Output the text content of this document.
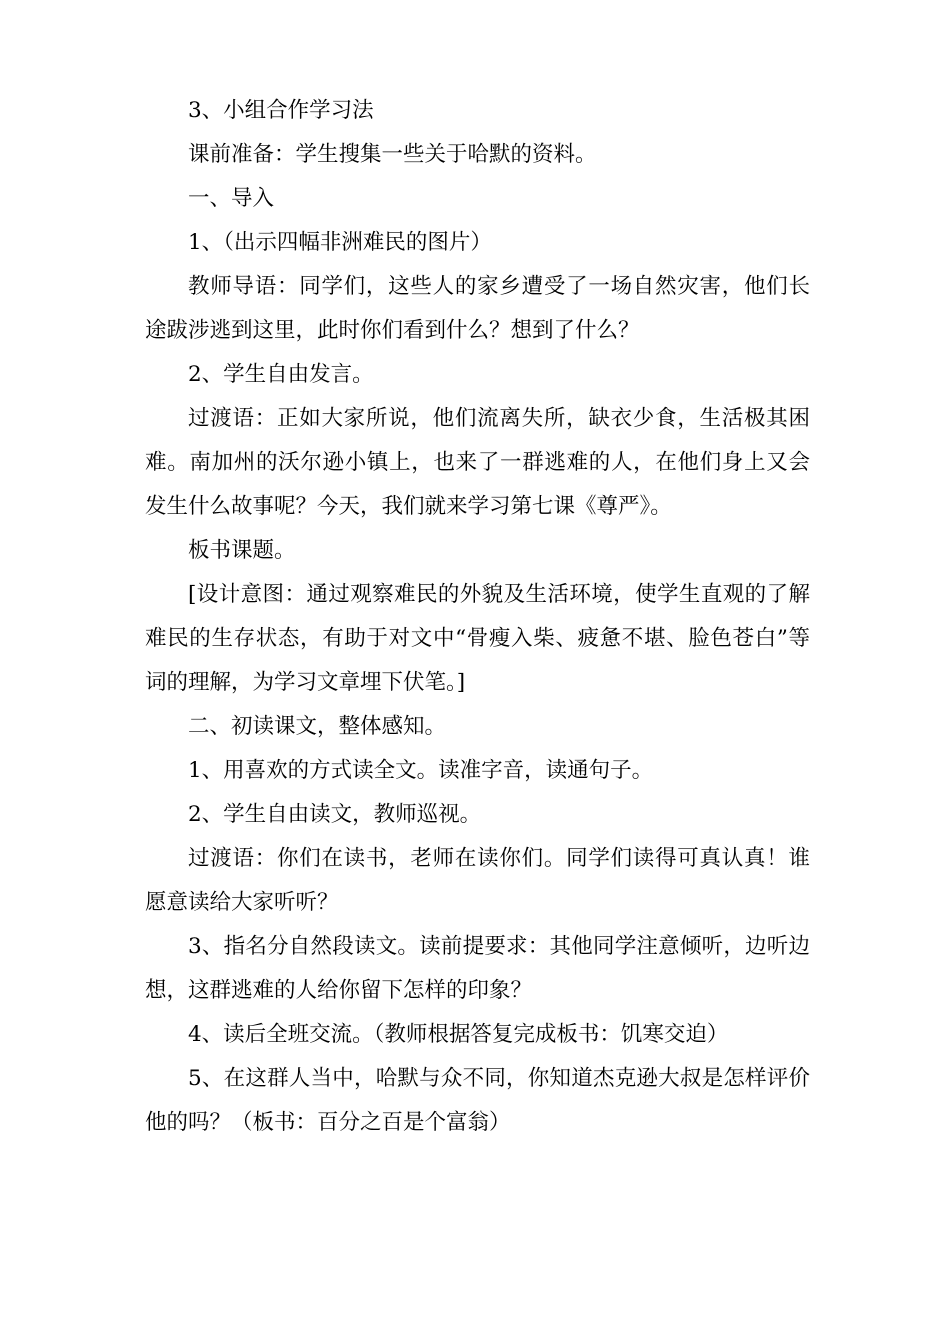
3、小组合作学习法

课前准备：学生搜集一些关于哈默的资料。

一、导入

1、（出示四幅非洲难民的图片）

教师导语：同学们，这些人的家乡遭受了一场自然灾害，他们长途跋涉逃到这里，此时你们看到什么？想到了什么？

2、学生自由发言。

过渡语：正如大家所说，他们流离失所，缺衣少食，生活极其困难。南加州的沃尔逊小镇上，也来了一群逃难的人，在他们身上又会发生什么故事呢？今天，我们就来学习第七课《尊严》。

板书课题。

[设计意图：通过观察难民的外貌及生活环境，使学生直观的了解难民的生存状态，有助于对文中“骨瘦入柴、疲惫不堪、脸色苍白”等词的理解，为学习文章埋下伏笔。]

二、初读课文，整体感知。

1、用喜欢的方式读全文。读准字音，读通句子。

2、学生自由读文，教师巡视。

过渡语：你们在读书，老师在读你们。同学们读得可真认真！谁愿意读给大家听听？

3、指名分自然段读文。读前提要求：其他同学注意倾听，边听边想，这群逃难的人给你留下怎样的印象？

4、读后全班交流。（教师根据答复完成板书：饥寒交迫）

5、在这群人当中，哈默与众不同，你知道杰克逊大叔是怎样评价他的吗？（板书：百分之百是个富翁）
